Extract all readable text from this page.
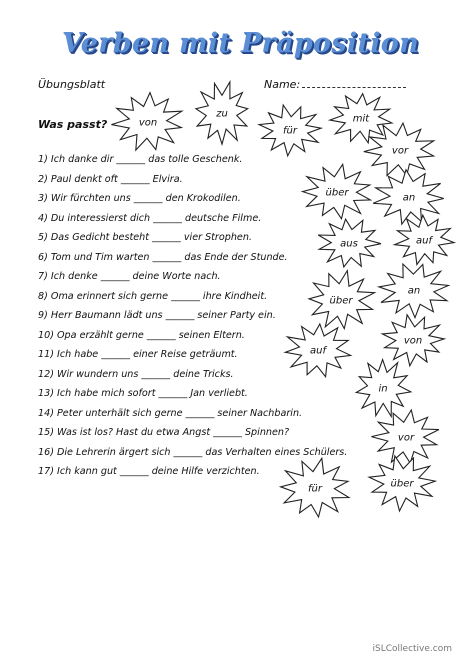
Verben mit Präposition
Übungsblatt	Name:
Was passt?
1) Ich danke dir ______ das tolle Geschenk.
2) Paul denkt oft ______ Elvira.
3) Wir fürchten uns ______ den Krokodilen.
4) Du interessierst dich ______ deutsche Filme.
5) Das Gedicht besteht ______ vier Strophen.
6) Tom und Tim warten ______ das Ende der Stunde.
7) Ich denke ______ deine Worte nach.
8) Oma erinnert sich gerne ______ ihre Kindheit.
9) Herr Baumann lädt uns ______ seiner Party ein.
10) Opa erzählt gerne ______ seinen Eltern.
11) Ich habe ______ einer Reise geträumt.
12) Wir wundern uns ______ deine Tricks.
13) Ich habe mich sofort ______ Jan verliebt.
14) Peter unterhält sich gerne ______ seiner Nachbarin.
15) Was ist los? Hast du etwa Angst ______ Spinnen?
16) Die Lehrerin ärgert sich ______ das Verhalten eines Schülers.
17) Ich kann gut ______ deine Hilfe verzichten.
von
zu
für
mit
vor
über	an
aus	auf
über
an
auf
von
in
vor
für	über
iSLCollective.com
